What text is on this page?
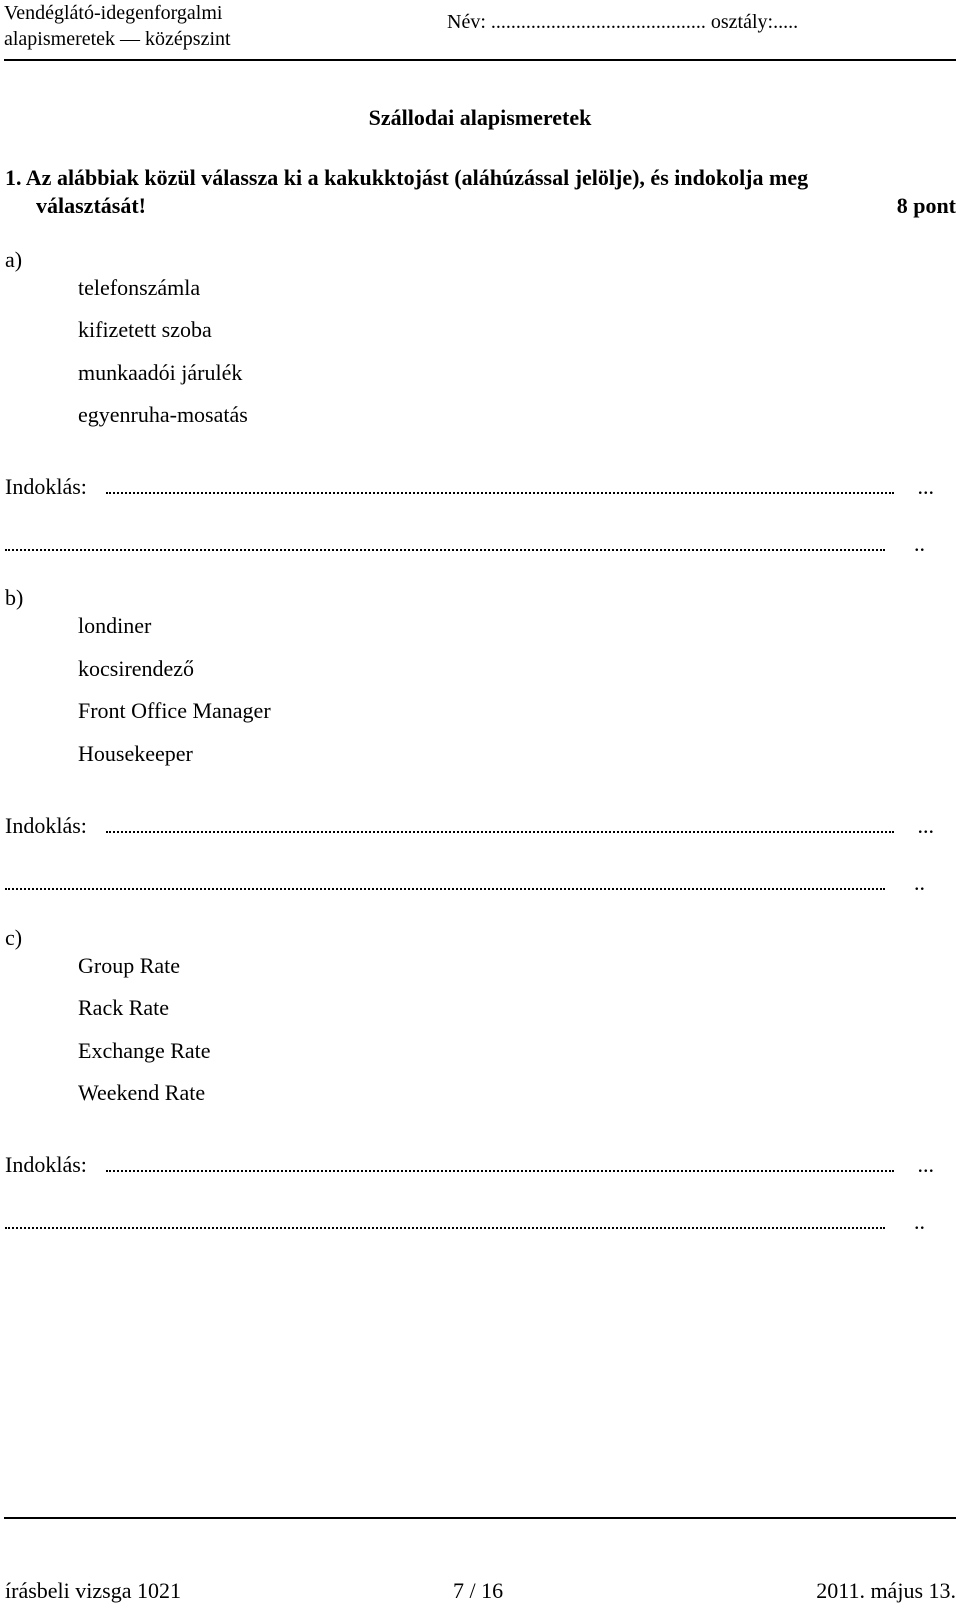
Vendéglátó-idegenforgalmi
alapismeretek — középszint
Név: ........................................... osztály:.....
Szállodai alapismeretek
1. Az alábbiak közül válassza ki a kakukktojást (aláhúzással jelölje), és indokolja meg
választását!	8 pont
a)
telefonszámla
kifizetett szoba
munkaadói járulék
egyenruha-mosatás
Indoklás:	...
..
b)
londiner
kocsirendező
Front Office Manager
Housekeeper
Indoklás:	...
..
c)
Group Rate
Rack Rate
Exchange Rate
Weekend Rate
Indoklás:	...
..
írásbeli vizsga 1021	7 / 16	2011. május 13.
